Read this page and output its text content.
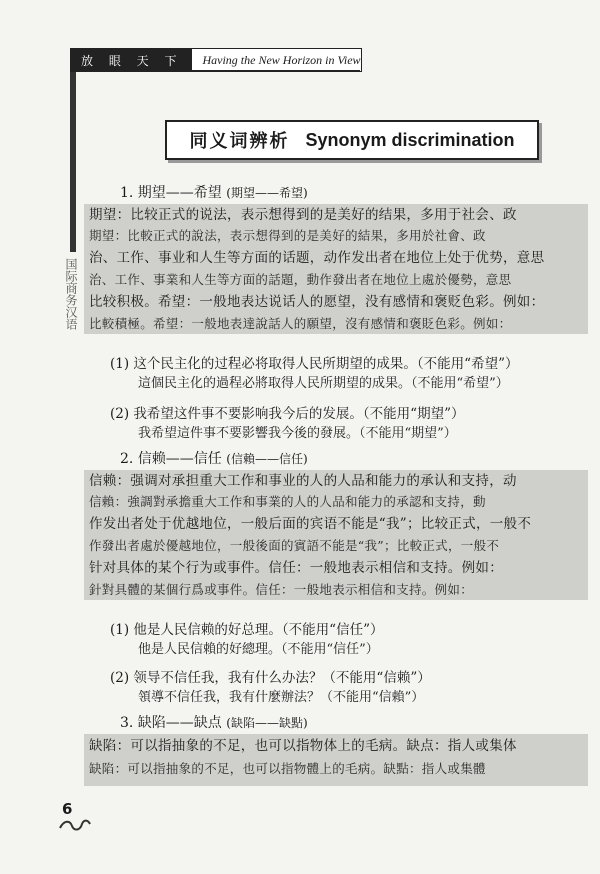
放 眼 天 下	Having the New Horizon in View
国际商务汉语
同义词辨析 Synonym discrimination
1. 期望——希望 (期望——希望)

期望：比较正式的说法，表示想得到的是美好的结果，多用于社会、政

期望：比較正式的說法，表示想得到的是美好的結果，多用於社會、政

治、工作、事业和人生等方面的话题，动作发出者在地位上处于优势，意思

治、工作、事業和人生等方面的話題，動作發出者在地位上處於優勢，意思

比较积极。希望：一般地表达说话人的愿望，没有感情和褒贬色彩。例如：

比較積極。希望：一般地表達說話人的願望，沒有感情和褒貶色彩。例如：

(1) 这个民主化的过程必将取得人民所期望的成果。（不能用“希望”）
這個民主化的過程必將取得人民所期望的成果。（不能用“希望”）
(2) 我希望这件事不要影响我今后的发展。（不能用“期望”）
我希望這件事不要影響我今後的發展。（不能用“期望”）
2. 信赖——信任 (信賴——信任)

信赖：强调对承担重大工作和事业的人的人品和能力的承认和支持，动

信賴：強調對承擔重大工作和事業的人的人品和能力的承認和支持，動

作发出者处于优越地位，一般后面的宾语不能是“我”；比较正式，一般不

作發出者處於優越地位，一般後面的賓語不能是“我”；比較正式，一般不

针对具体的某个行为或事件。信任：一般地表示相信和支持。例如：

針對具體的某個行爲或事件。信任：一般地表示相信和支持。例如：

(1) 他是人民信赖的好总理。（不能用“信任”）
他是人民信賴的好總理。（不能用“信任”）
(2) 领导不信任我，我有什么办法？（不能用“信赖”）
領導不信任我，我有什麼辦法？（不能用“信賴”）
3. 缺陷——缺点 (缺陷——缺點)

缺陷：可以指抽象的不足，也可以指物体上的毛病。缺点：指人或集体

缺陷：可以指抽象的不足，也可以指物體上的毛病。缺點：指人或集體

6
